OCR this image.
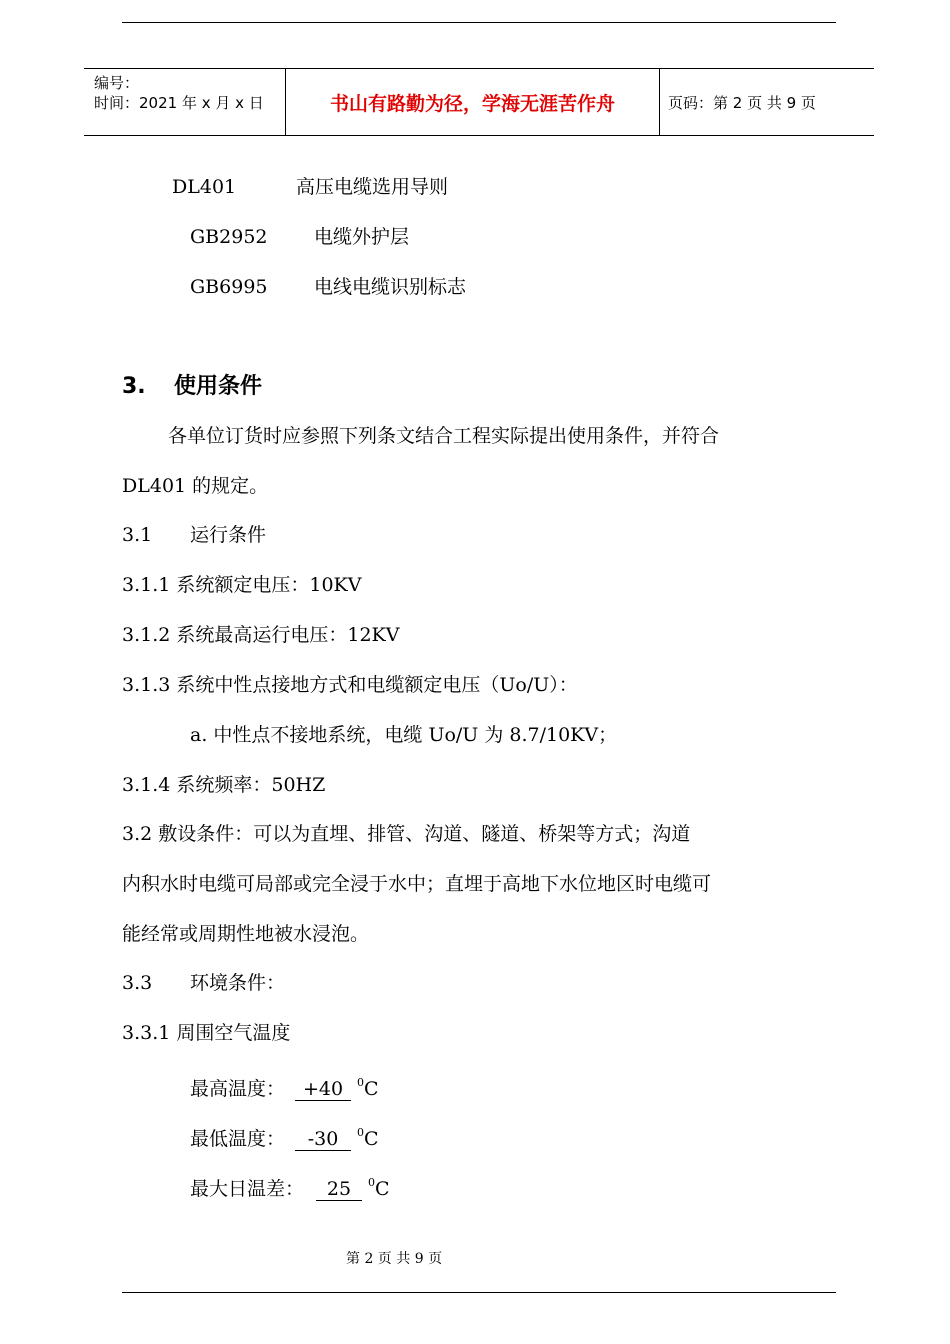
编号：
时间：2021 年 x 月 x 日	书山有路勤为径，学海无涯苦作舟	页码：第 2 页 共 9 页
DL401	高压电缆选用导则
GB2952 电缆外护层
GB6995 电线电缆识别标志
3. 使用条件
各单位订货时应参照下列条文结合工程实际提出使用条件，并符合
DL401 的规定。
3.1 运行条件
3.1.1 系统额定电压：10KV
3.1.2 系统最高运行电压：12KV
3.1.3 系统中性点接地方式和电缆额定电压（Uo/U）：
a. 中性点不接地系统，电缆 Uo/U 为 8.7/10KV；
3.1.4 系统频率：50HZ
3.2 敷设条件：可以为直埋、排管、沟道、隧道、桥架等方式；沟道
内积水时电缆可局部或完全浸于水中；直埋于高地下水位地区时电缆可
能经常或周期性地被水浸泡。
3.3 环境条件：
3.3.1 周围空气温度
最高温度： +40 $^0$C
最低温度： -30 $^0$C
最大日温差： 25 $^0$C
第 2 页 共 9 页
